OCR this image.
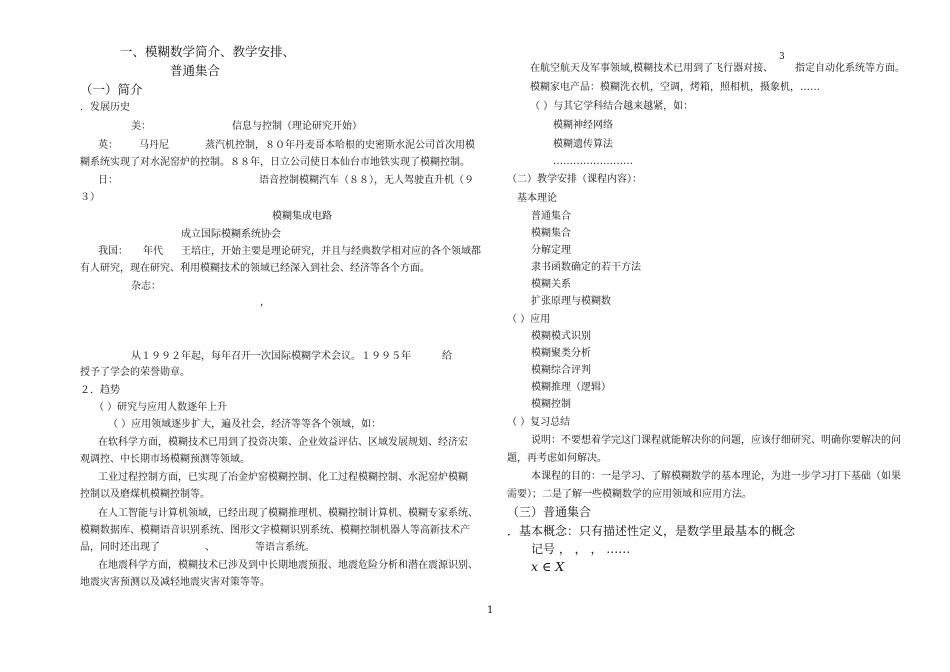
一、模糊数学简介、教学安排、
普通集合
（一）简介
．发展历史
美：	信息与控制（理论研究开始）
英： 马丹尼	蒸汽机控制，８０年丹麦哥本哈根的史密斯水泥公司首次用模
糊系统实现了对水泥窑炉的控制。８８年，日立公司使日本仙台市地铁实现了模糊控制。
日：	语音控制模糊汽车（８８），无人驾驶直升机（９
３）
模糊集成电路
成立国际模糊系统协会
我国： 年代 王培庄，开始主要是理论研究，并且与经典数学相对应的各个领域都
有人研究，现在研究、利用模糊技术的领域已经深入到社会、经济等各个方面。
杂志：
，
从１９９２年起，每年召开一次国际模糊学术会议。１９９５年	给
授予了学会的荣誉勋章。
２．趋势
（ ）研究与应用人数逐年上升
（ ）应用领域逐步扩大，遍及社会，经济等等各个领域，如：
在软科学方面，模糊技术已用到了投资决策、企业效益评估、区域发展规划、经济宏
观调控、中长期市场模糊预测等领域。
工业过程控制方面，已实现了冶金炉窑模糊控制、化工过程模糊控制、水泥窑炉模糊
控制以及磨煤机模糊控制等。
在人工智能与计算机领域，已经出现了模糊推理机、模糊控制计算机、模糊专家系统、
模糊数据库、模糊语音识别系统、图形文字模糊识别系统、模糊控制机器人等高新技术产
品，同时还出现了	、	等语言系统。
在地震科学方面，模糊技术已涉及到中长期地震预报、地震危险分析和潜在震源识别、
地震灾害预测以及减轻地震灾害对策等等。
3
在航空航天及军事领域,模糊技术已用到了飞行器对接、 指定自动化系统等方面。
模糊家电产品：模糊洗衣机，空调，烤箱，照相机，摄象机，……
（ ）与其它学科结合越来越紧，如：
模糊神经网络
模糊遗传算法
……………………
（二）教学安排（课程内容）：
基本理论
普通集合
模糊集合
分解定理
隶书函数确定的若干方法
模糊关系
扩张原理与模糊数
（ ）应用
模糊模式识别
模糊聚类分析
模糊综合评判
模糊推理（逻辑）
模糊控制
（ ）复习总结
说明：不要想着学完这门课程就能解决你的问题，应该仔细研究、明确你要解决的问
题，再考虑如何解决。
本课程的目的：一是学习、了解模糊数学的基本理论，为进一步学习打下基础（如果
需要）；二是了解一些模糊数学的应用领域和应用方法。
（三）普通集合
．基本概念：只有描述性定义，是数学里最基本的概念
记号 ， ， ， ……
x ∈ X
1
